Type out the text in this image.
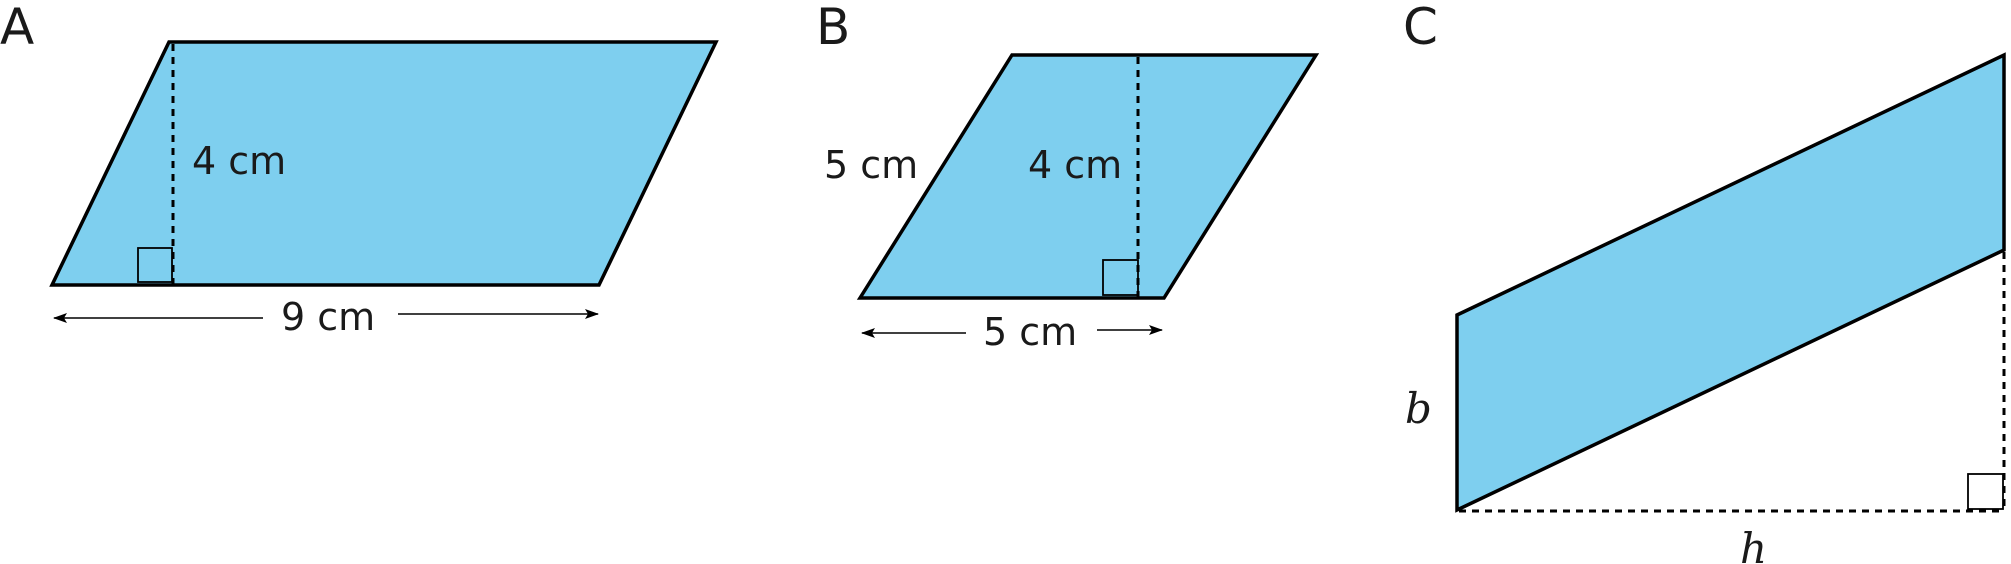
A
4 cm
9 cm
B
5 cm	4 cm
5 cm
C
b
h
